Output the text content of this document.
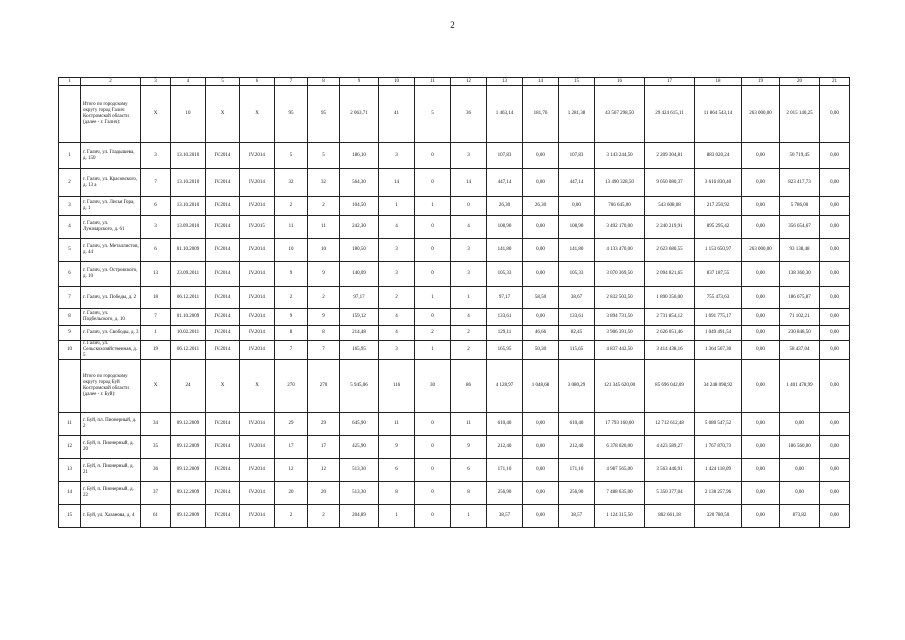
2
1	2	3	4	5	6	7	8	9	10	11	12	13	14	15	16	17	18	19	20	21
	Итого по городскому округу город Галич Костромской области (далее - г. Галич):	X	10	X	X	95	95	2 063,71	41	5	36	1 463,14	181,76	1 281,38	43 567 298,50	29 424 615,11	11 864 543,14	263 000,00	2 015 140,25	0,00
1	г. Галич, ул. Гладышева, д. 150	3	13.10.2010	IV.2014	IV.2014	5	5	186,10	3	0	3	107,83	0,00	107,83	3 143 244,50	2 209 304,81	883 020,24	0,00	50 719,45	0,00
2	г. Галич, ул. Красовского, д. 13 а	7	13.10.2010	IV.2014	IV.2014	32	32	564,30	14	0	14	447,14	0,00	447,14	13 490 328,50	9 050 080,37	3 616 830,40	0,00	823 417,73	0,00
3	г. Галич, ул. Лисья Гора, д. 1	6	13.10.2010	IV.2014	IV.2014	2	2	104,50	1	1	0	26,30	26,30	0,00	766 645,00	543 608,08	217 250,92	0,00	5 786,00	0,00
4	г. Галич, ул. Луначарского, д. 61	3	13.09.2010	IV.2014	IV.2015	11	11	242,30	4	0	4	108,90	0,00	108,90	3 492 170,00	2 240 219,91	895 295,42	0,00	356 654,67	0,00
5	г. Галич, ул. Металлистов, д. 44	6	01.10.2009	IV.2014	IV.2014	10	10	180,50	3	0	3	141,80	0,00	141,80	4 133 470,00	2 623 680,55	1 153 650,97	263 000,00	93 138,48	0,00
6	г. Галич, ул. Островского, д. 10	13	23.09.2011	IV.2014	IV.2014	9	9	140,09	3	0	3	105,33	0,00	105,33	3 070 369,50	2 094 821,65	837 187,55	0,00	138 360,30	0,00
7	г. Галич, ул. Победы, д. 2	18	06.12.2011	IV.2014	IV.2014	2	2	97,17	2	1	1	97,17	58,50	38,67	2 832 503,50	1 890 356,00	755 473,63	0,00	186 675,87	0,00
8	г. Галич, ул. Подбельского, д. 10	7	01.10.2009	IV.2014	IV.2014	9	9	159,12	4	0	4	133,61	0,00	133,61	3 894 731,50	2 731 854,12	1 091 775,17	0,00	71 102,21	0,00
9	г. Галич, ул. Свободы, д. 3	1	10.02.2011	IV.2014	IV.2014	8	8	214,48	4	2	2	129,11	46,66	82,45	3 906 391,50	2 626 051,46	1 049 491,54	0,00	230 848,50	0,00
10	г. Галич, ул. Сельскохозяйственная, д. 5	19	06.12.2011	IV.2014	IV.2014	7	7	165,95	3	1	2	165,95	50,30	115,65	4 837 442,50	3 414 438,16	1 364 567,30	0,00	58 437,04	0,00
	Итого по городскому округу город Буй Костромской области (далее - г. Буй):	X	24	X	X	270	270	5 945,06	116	30	86	4 128,97	1 048,68	3 080,29	121 345 620,00	85 696 042,09	34 248 098,92	0,00	1 401 478,99	0,00
11	г. Буй, пл. Пионерный, д. 2	34	09.12.2009	IV.2014	IV.2014	29	29	645,90	11	0	11	610,40	0,00	610,40	17 793 160,00	12 712 612,48	5 080 547,52	0,00	0,00	0,00
12	г. Буй, п. Пионерный, д. 20	35	09.12.2009	IV.2014	IV.2014	17	17	425,90	9	0	9	212,40	0,00	212,40	6 378 020,00	4 423 589,27	1 767 870,73	0,00	186 560,00	0,00
13	г. Буй, п. Пионерный, д. 21	36	09.12.2009	IV.2014	IV.2014	12	12	513,30	6	0	6	171,10	0,00	171,10	4 987 565,00	3 563 446,91	1 424 118,09	0,00	0,00	0,00
14	г. Буй, п. Пионерный, д. 22	37	09.12.2009	IV.2014	IV.2014	20	20	513,30	8	0	8	256,90	0,00	256,90	7 488 635,00	5 350 377,04	2 138 257,96	0,00	0,00	0,00
15	г. Буй, ул. Хазанова, д. 4	61	09.12.2009	IV.2014	IV.2014	2	2	204,89	1	0	1	38,57	0,00	38,57	1 124 315,50	802 661,18	320 780,50	0,00	873,82	0,00
